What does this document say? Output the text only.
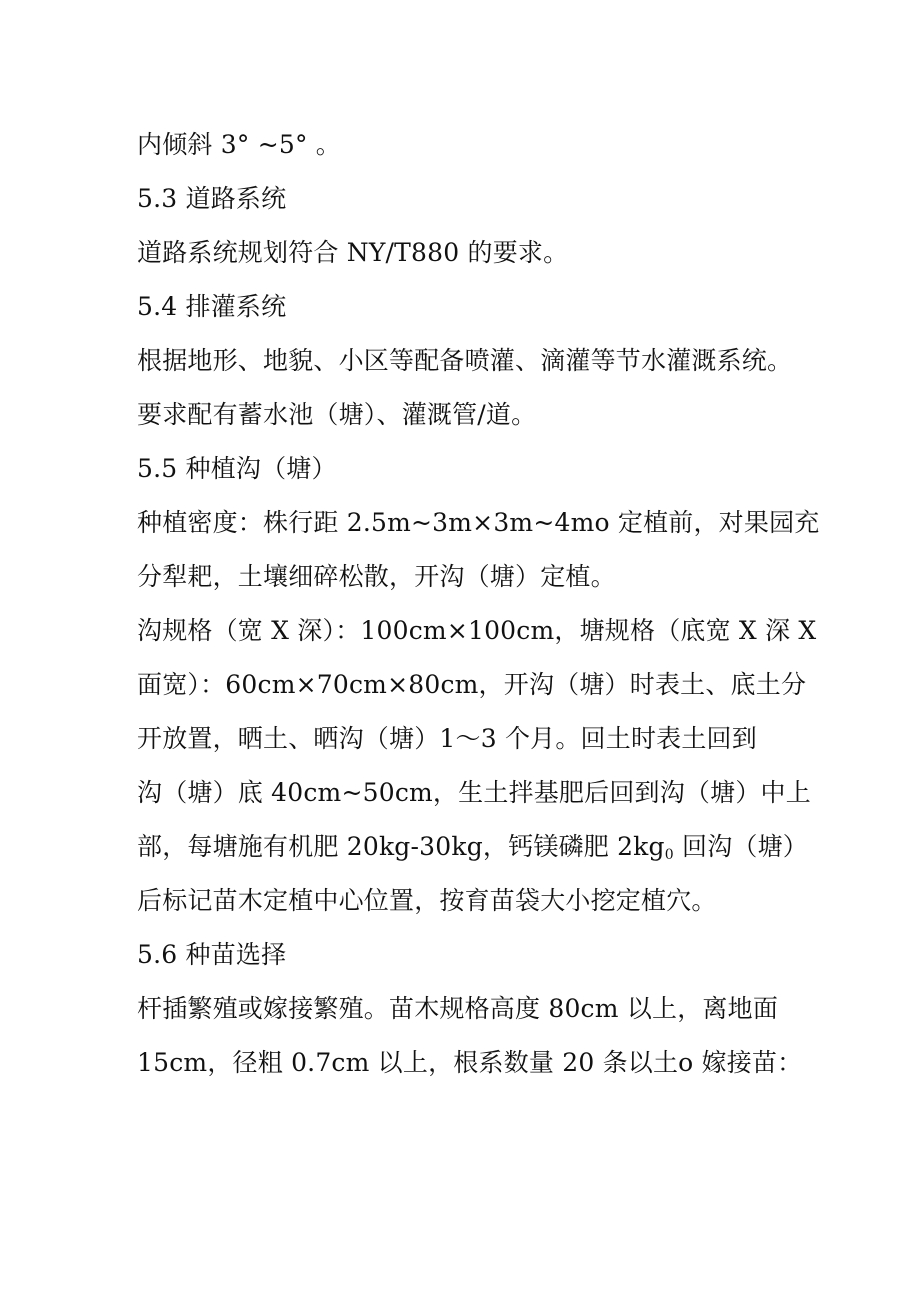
内倾斜 3° ~5° 。
5.3 道路系统
道路系统规划符合 NY/T880 的要求。
5.4 排灌系统
根据地形、地貌、小区等配备喷灌、滴灌等节水灌溉系统。
要求配有蓄水池（塘）、灌溉管/道。
5.5 种植沟（塘）
种植密度：株行距 2.5m~3m×3m~4mo 定植前，对果园充
分犁耙，土壤细碎松散，开沟（塘）定植。
沟规格（宽 X 深）：100cm×100cm，塘规格（底宽 X 深 X
面宽）：60cm×70cm×80cm，开沟（塘）时表土、底土分
开放置，晒土、晒沟（塘）1～3 个月。回土时表土回到
沟（塘）底 40cm~50cm，生土拌基肥后回到沟（塘）中上
部，每塘施有机肥 20kg-30kg，钙镁磷肥 $2kg_0$ 回沟（塘）
后标记苗木定植中心位置，按育苗袋大小挖定植穴。
5.6 种苗选择
杆插繁殖或嫁接繁殖。苗木规格高度 80cm 以上，离地面
15cm，径粗 0.7cm 以上，根系数量 20 条以土o 嫁接苗：
